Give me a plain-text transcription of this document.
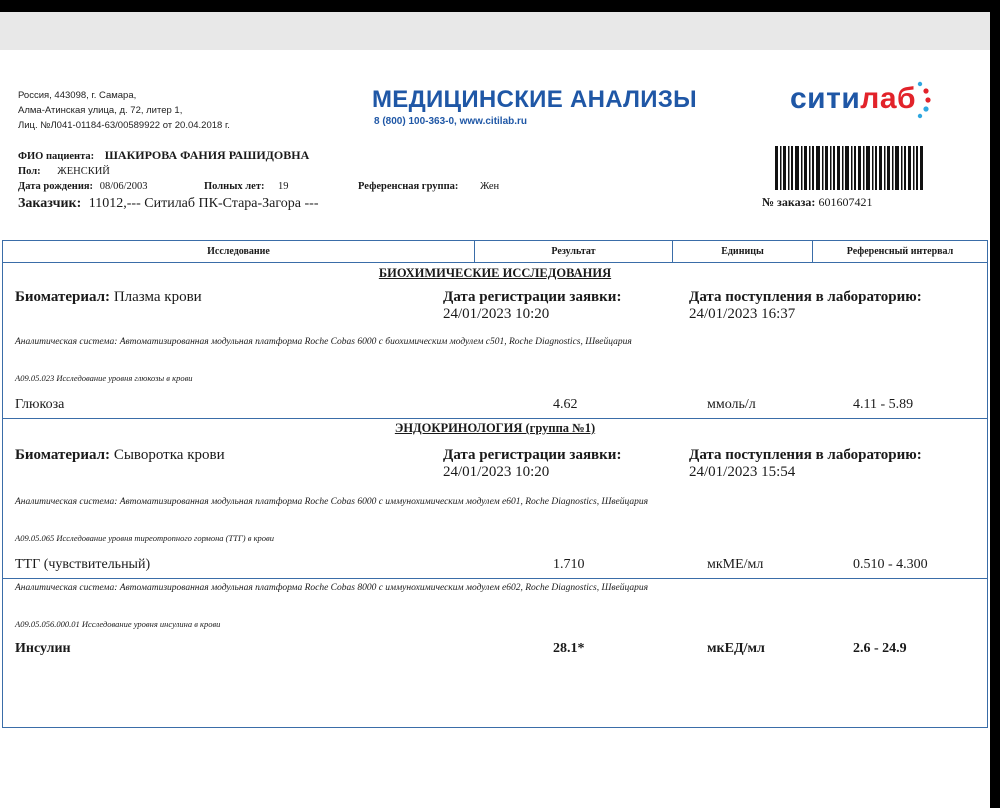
Россия, 443098, г. Самара,
Алма-Атинская улица, д. 72, литер 1,
Лиц. №Л041-01184-63/00589922 от 20.04.2018 г.
МЕДИЦИНСКИЕ АНАЛИЗЫ
8 (800) 100-363-0, www.citilab.ru
ситилаб
ФИО пациента: ШАКИРОВА ФАНИЯ РАШИДОВНА
Пол: ЖЕНСКИЙ
Дата рождения: 08/06/2003	Полных лет: 19	Референсная группа: Жен
Заказчик: 11012,--- Ситилаб ПК-Стара-Загора ---	№ заказа: 601607421
Исследование	Результат	Единицы	Референсный интервал
БИОХИМИЧЕСКИЕ ИССЛЕДОВАНИЯ
Биоматериал: Плазма крови	Дата регистрации заявки:
24/01/2023 10:20
Дата поступления в лабораторию:
24/01/2023 16:37
Аналитическая система: Автоматизированная модульная платформа Roche Cobas 6000 с биохимическим модулем c501, Roche Diagnostics, Швейцария
A09.05.023 Исследование уровня глюкозы в крови
Глюкоза	4.62	ммоль/л	4.11 - 5.89
ЭНДОКРИНОЛОГИЯ (группа №1)
Биоматериал: Сыворотка крови	Дата регистрации заявки:
24/01/2023 10:20
Дата поступления в лабораторию:
24/01/2023 15:54
Аналитическая система: Автоматизированная модульная платформа Roche Cobas 6000 с иммунохимическим модулем e601, Roche Diagnostics, Швейцария
A09.05.065 Исследование уровня тиреотропного гормона (ТТГ) в крови
ТТГ (чувствительный)	1.710	мкМЕ/мл	0.510 - 4.300
Аналитическая система: Автоматизированная модульная платформа Roche Cobas 8000 с иммунохимическим модулем e602, Roche Diagnostics, Швейцария
A09.05.056.000.01 Исследование уровня инсулина в крови
Инсулин	28.1*	мкЕД/мл	2.6 - 24.9
